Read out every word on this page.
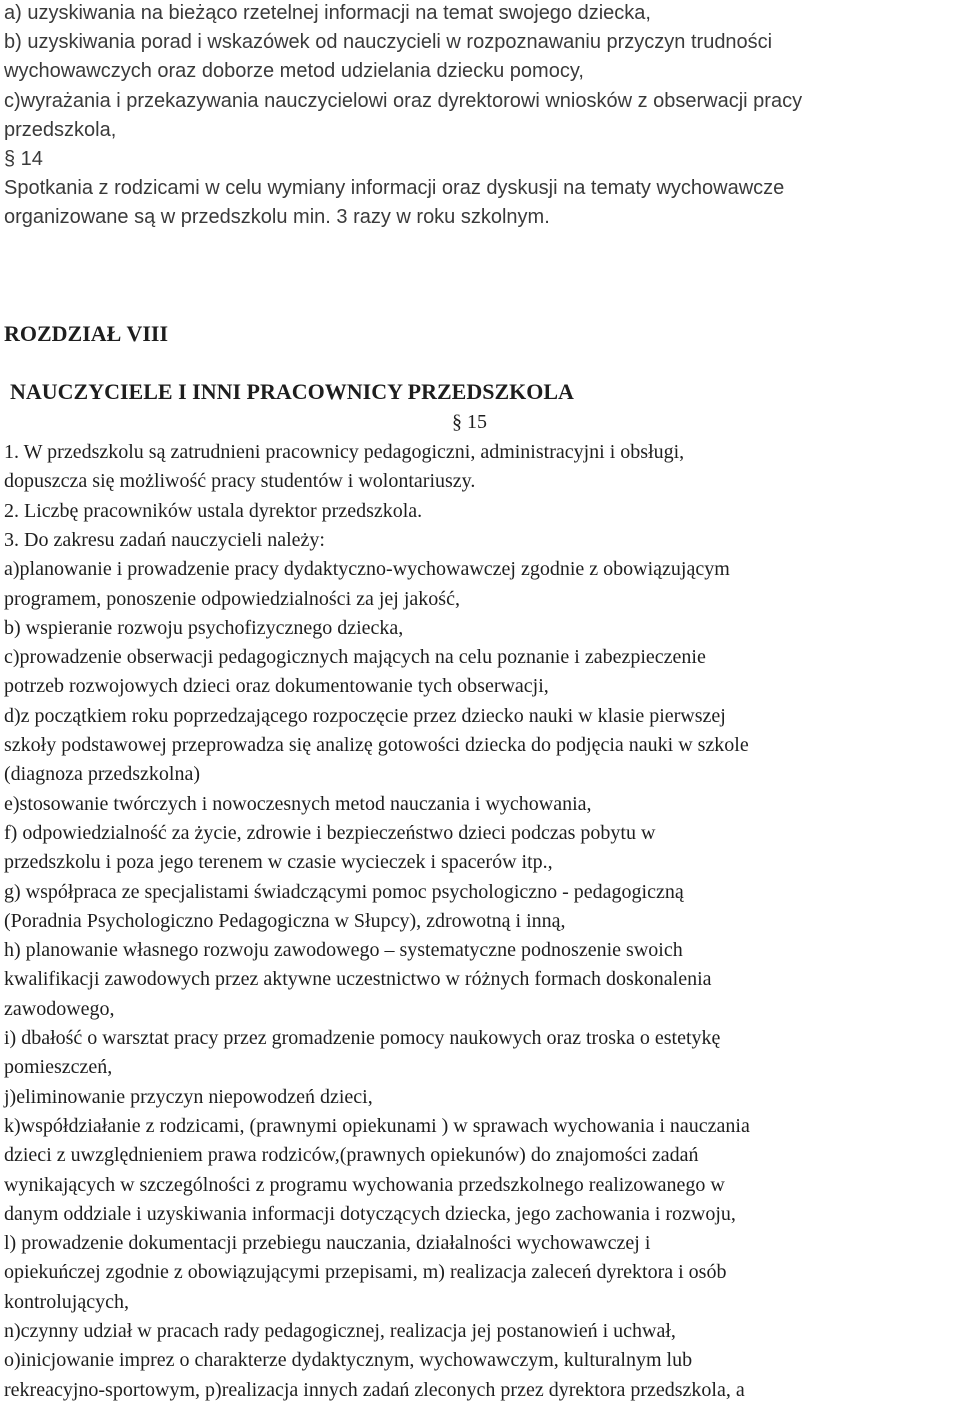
a) uzyskiwania na bieżąco rzetelnej informacji na temat swojego dziecka,
b) uzyskiwania porad i wskazówek od nauczycieli w rozpoznawaniu przyczyn trudności
wychowawczych oraz doborze metod udzielania dziecku pomocy,
c)wyrażania i przekazywania nauczycielowi oraz dyrektorowi wniosków z obserwacji pracy
przedszkola,
§ 14
Spotkania z rodzicami w celu wymiany informacji oraz dyskusji na tematy wychowawcze
organizowane są w przedszkolu min. 3 razy w roku szkolnym.
ROZDZIAŁ VIII
NAUCZYCIELE I INNI PRACOWNICY PRZEDSZKOLA
§ 15
1. W przedszkolu są zatrudnieni pracownicy pedagogiczni, administracyjni i obsługi,
dopuszcza się możliwość pracy studentów i wolontariuszy.
2. Liczbę pracowników ustala dyrektor przedszkola.
3. Do zakresu zadań nauczycieli należy:
a)planowanie i prowadzenie pracy dydaktyczno-wychowawczej zgodnie z obowiązującym
programem, ponoszenie odpowiedzialności za jej jakość,
b) wspieranie rozwoju psychofizycznego dziecka,
c)prowadzenie obserwacji pedagogicznych mających na celu poznanie i zabezpieczenie
potrzeb rozwojowych dzieci oraz dokumentowanie tych obserwacji,
d)z początkiem roku poprzedzającego rozpoczęcie przez dziecko nauki w klasie pierwszej
szkoły podstawowej przeprowadza się analizę gotowości dziecka do podjęcia nauki w szkole
(diagnoza przedszkolna)
e)stosowanie twórczych i nowoczesnych metod nauczania i wychowania,
f) odpowiedzialność za życie, zdrowie i bezpieczeństwo dzieci podczas pobytu w
przedszkolu i poza jego terenem w czasie wycieczek i spacerów itp.,
g) współpraca ze specjalistami świadczącymi pomoc psychologiczno - pedagogiczną
(Poradnia Psychologiczno Pedagogiczna w Słupcy), zdrowotną i inną,
h) planowanie własnego rozwoju zawodowego – systematyczne podnoszenie swoich
kwalifikacji zawodowych przez aktywne uczestnictwo w różnych formach doskonalenia
zawodowego,
i) dbałość o warsztat pracy przez gromadzenie pomocy naukowych oraz troska o estetykę
pomieszczeń,
j)eliminowanie przyczyn niepowodzeń dzieci,
k)współdziałanie z rodzicami, (prawnymi opiekunami ) w sprawach wychowania i nauczania
dzieci z uwzględnieniem prawa rodziców,(prawnych opiekunów) do znajomości zadań
wynikających w szczególności z programu wychowania przedszkolnego realizowanego w
danym oddziale i uzyskiwania informacji dotyczących dziecka, jego zachowania i rozwoju,
l) prowadzenie dokumentacji przebiegu nauczania, działalności wychowawczej i
opiekuńczej zgodnie z obowiązującymi przepisami, m) realizacja zaleceń dyrektora i osób
kontrolujących,
n)czynny udział w pracach rady pedagogicznej, realizacja jej postanowień i uchwał,
o)inicjowanie imprez o charakterze dydaktycznym, wychowawczym, kulturalnym lub
rekreacyjno-sportowym, p)realizacja innych zadań zleconych przez dyrektora przedszkola, a
